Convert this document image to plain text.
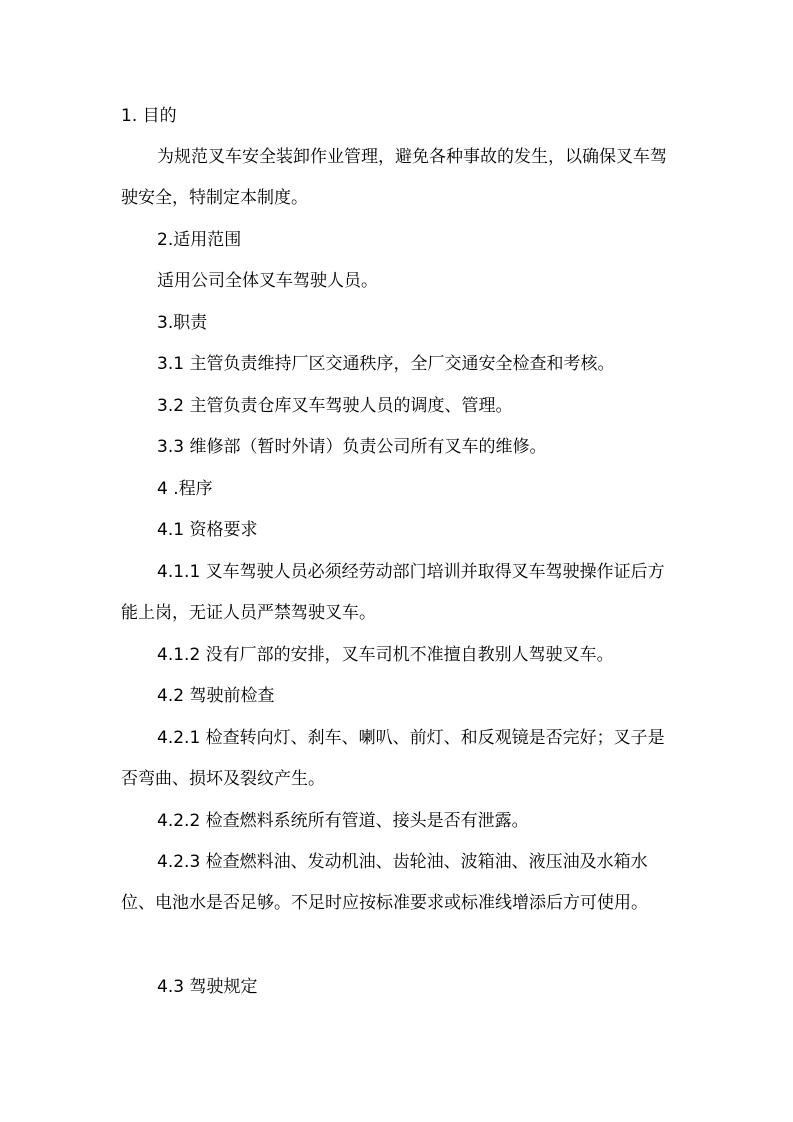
1. 目的

为规范叉车安全装卸作业管理，避免各种事故的发生，以确保叉车驾驶安全，特制定本制度。

2.适用范围

适用公司全体叉车驾驶人员。

3.职责

3.1 主管负责维持厂区交通秩序，全厂交通安全检查和考核。

3.2 主管负责仓库叉车驾驶人员的调度、管理。

3.3 维修部（暂时外请）负责公司所有叉车的维修。

4 .程序

4.1 资格要求

4.1.1 叉车驾驶人员必须经劳动部门培训并取得叉车驾驶操作证后方能上岗，无证人员严禁驾驶叉车。

4.1.2 没有厂部的安排，叉车司机不准擅自教别人驾驶叉车。

4.2 驾驶前检查

4.2.1 检查转向灯、刹车、喇叭、前灯、和反观镜是否完好；叉子是否弯曲、损坏及裂纹产生。

4.2.2 检查燃料系统所有管道、接头是否有泄露。

4.2.3 检查燃料油、发动机油、齿轮油、波箱油、液压油及水箱水位、电池水是否足够。不足时应按标准要求或标准线增添后方可使用。

4.3 驾驶规定
